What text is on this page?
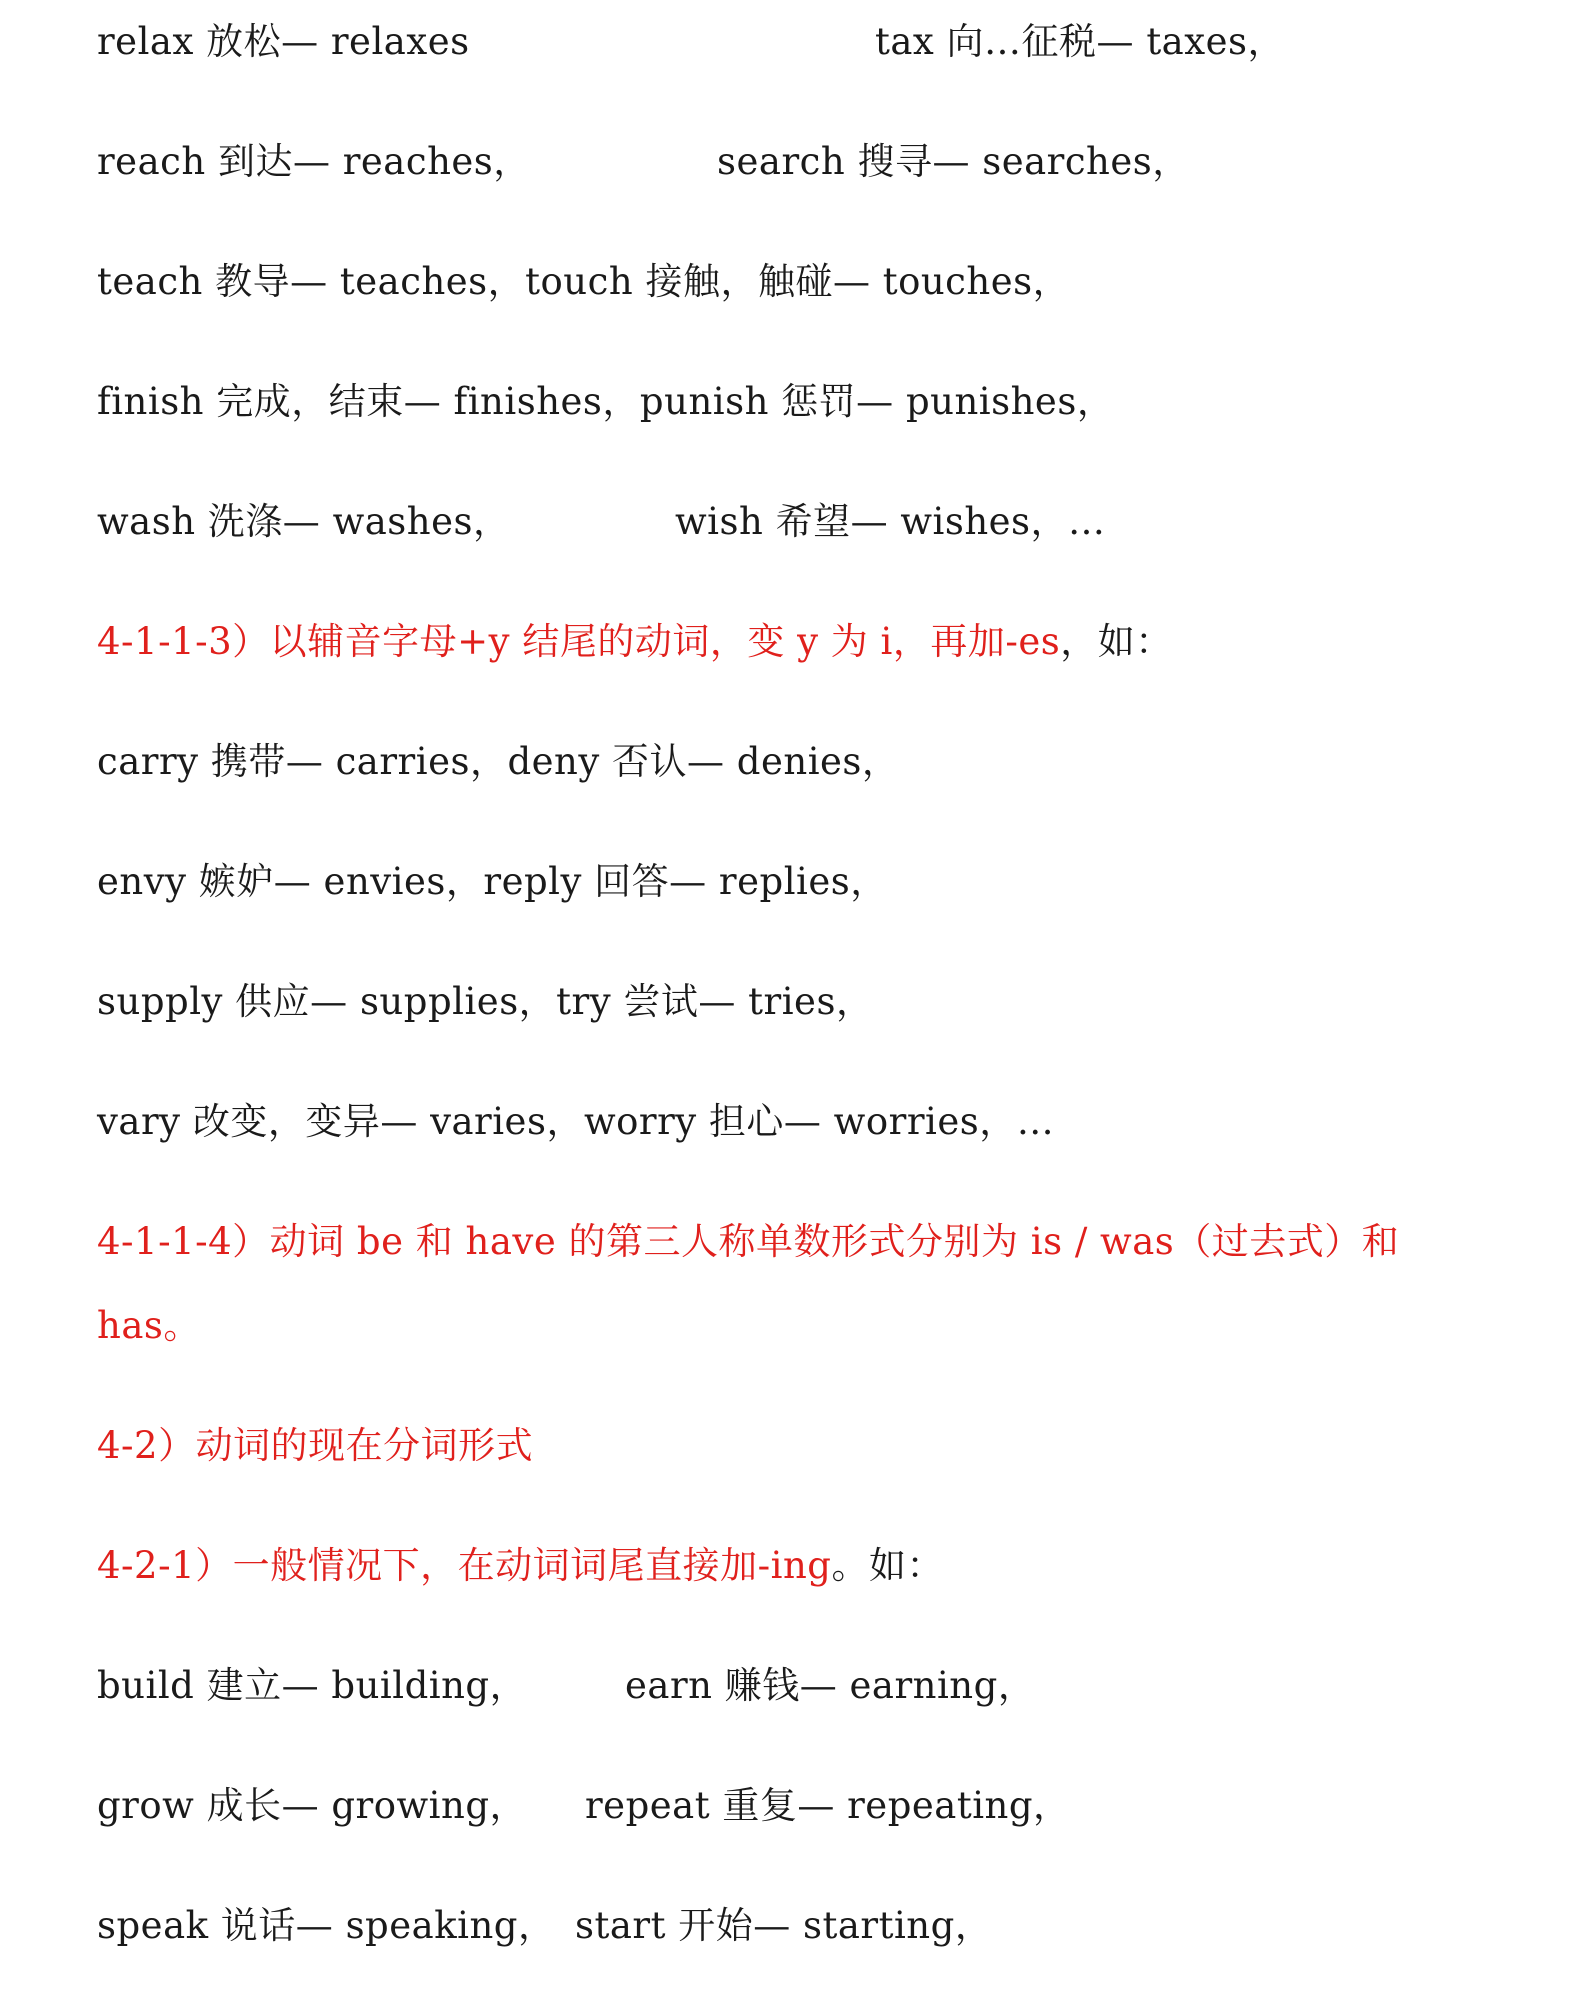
relax 放松— relaxes	tax 向…征税— taxes，
reach 到达— reaches，	search 搜寻— searches，
teach 教导— teaches，touch 接触，触碰— touches，
finish 完成，结束— finishes，punish 惩罚— punishes，
wash 洗涤— washes，	wish 希望— wishes，…
4-1-1-3）以辅音字母+y 结尾的动词，变 y 为 i，再加-es，如：
carry 携带— carries，deny 否认— denies，
envy 嫉妒— envies，reply 回答— replies，
supply 供应— supplies，try 尝试— tries，
vary 改变，变异— varies，worry 担心— worries，…
4-1-1-4）动词 be 和 have 的第三人称单数形式分别为 is / was（过去式）和
has。
4-2）动词的现在分词形式
4-2-1）一般情况下，在动词词尾直接加-ing。如：
build 建立— building，	earn 赚钱— earning，
grow 成长— growing， repeat 重复— repeating，
speak 说话— speaking， start 开始— starting，
